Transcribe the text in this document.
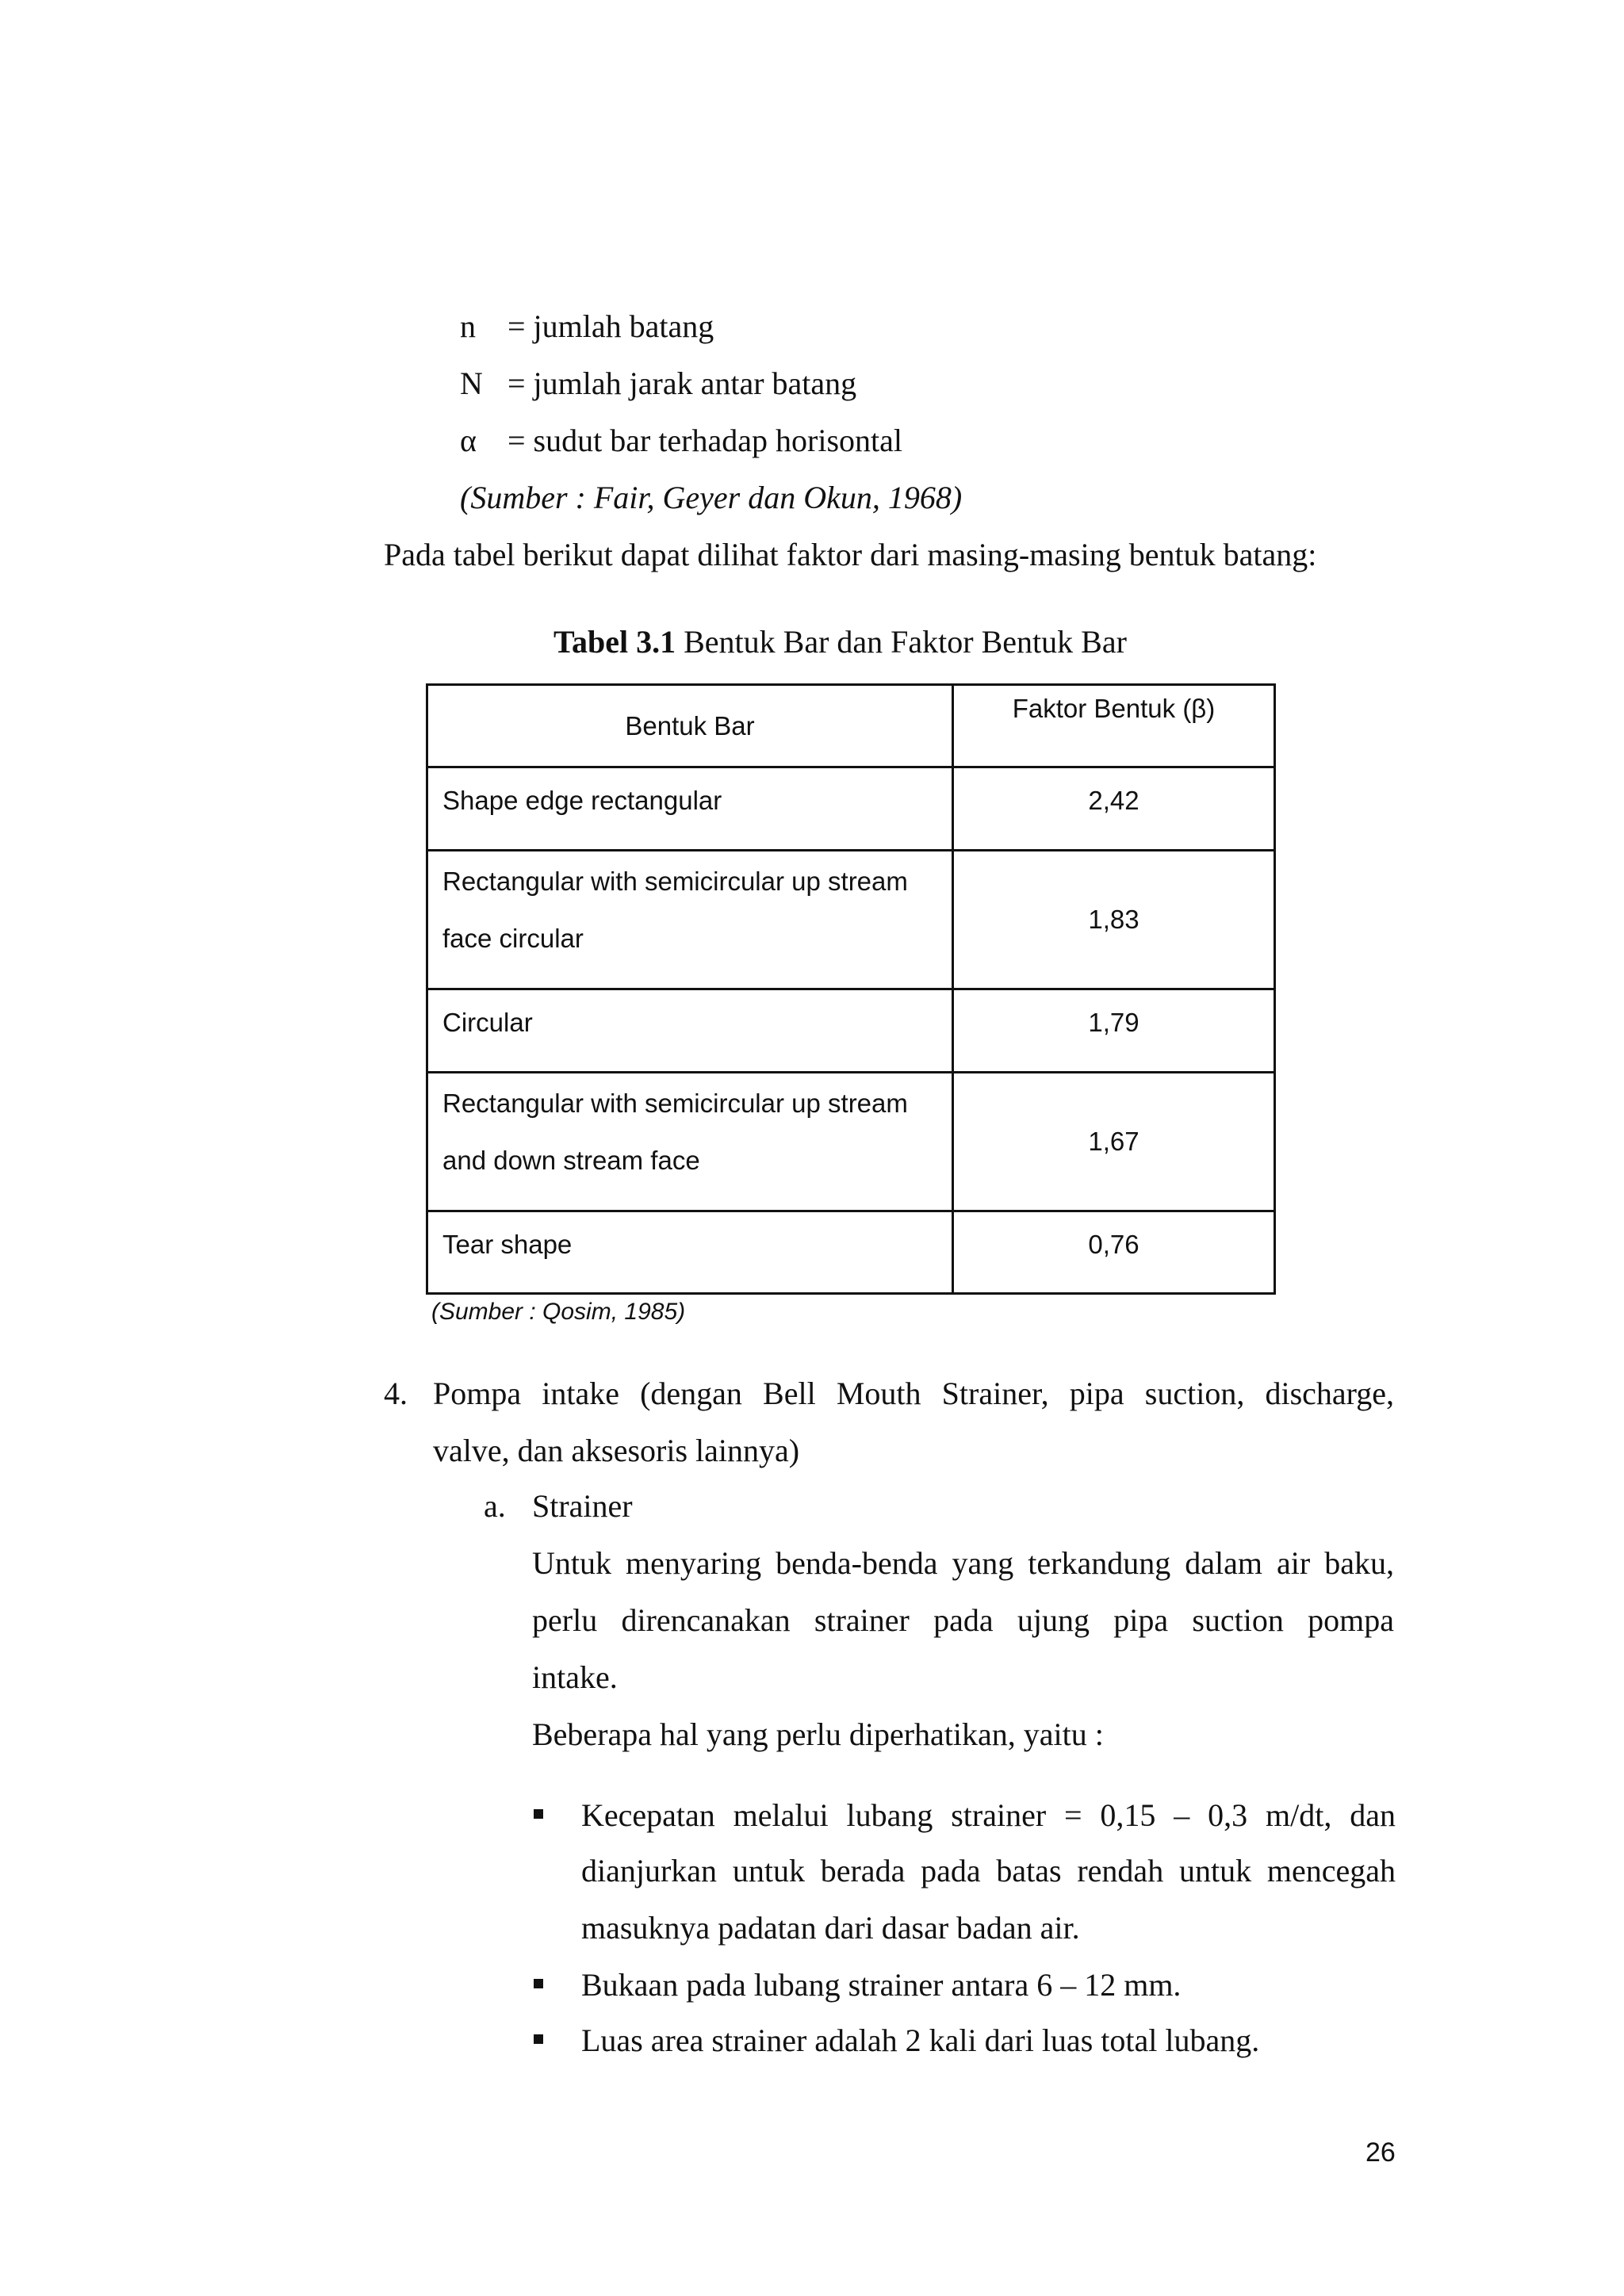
n = jumlah batang
N = jumlah jarak antar batang
α = sudut bar terhadap horisontal
(Sumber : Fair, Geyer dan Okun, 1968)
Pada tabel berikut dapat dilihat faktor dari masing-masing bentuk batang:
Tabel 3.1 Bentuk Bar dan Faktor Bentuk Bar
Bentuk Bar	Faktor Bentuk (β)
Shape edge rectangular	2,42

Rectangular with semicircular up stream
face circular	1,83
Circular	1,79

Rectangular with semicircular up stream
and down stream face	1,67
Tear shape	0,76
(Sumber : Qosim, 1985)
4. Pompa intake (dengan Bell Mouth Strainer, pipa suction, discharge,
valve, dan aksesoris lainnya)
a. Strainer
Untuk menyaring benda-benda yang terkandung dalam air baku,
perlu direncanakan strainer pada ujung pipa suction pompa
intake.
Beberapa hal yang perlu diperhatikan, yaitu :
Kecepatan melalui lubang strainer = 0,15 – 0,3 m/dt, dan
dianjurkan untuk berada pada batas rendah untuk mencegah
masuknya padatan dari dasar badan air.
Bukaan pada lubang strainer antara 6 – 12 mm.
Luas area strainer adalah 2 kali dari luas total lubang.
26
